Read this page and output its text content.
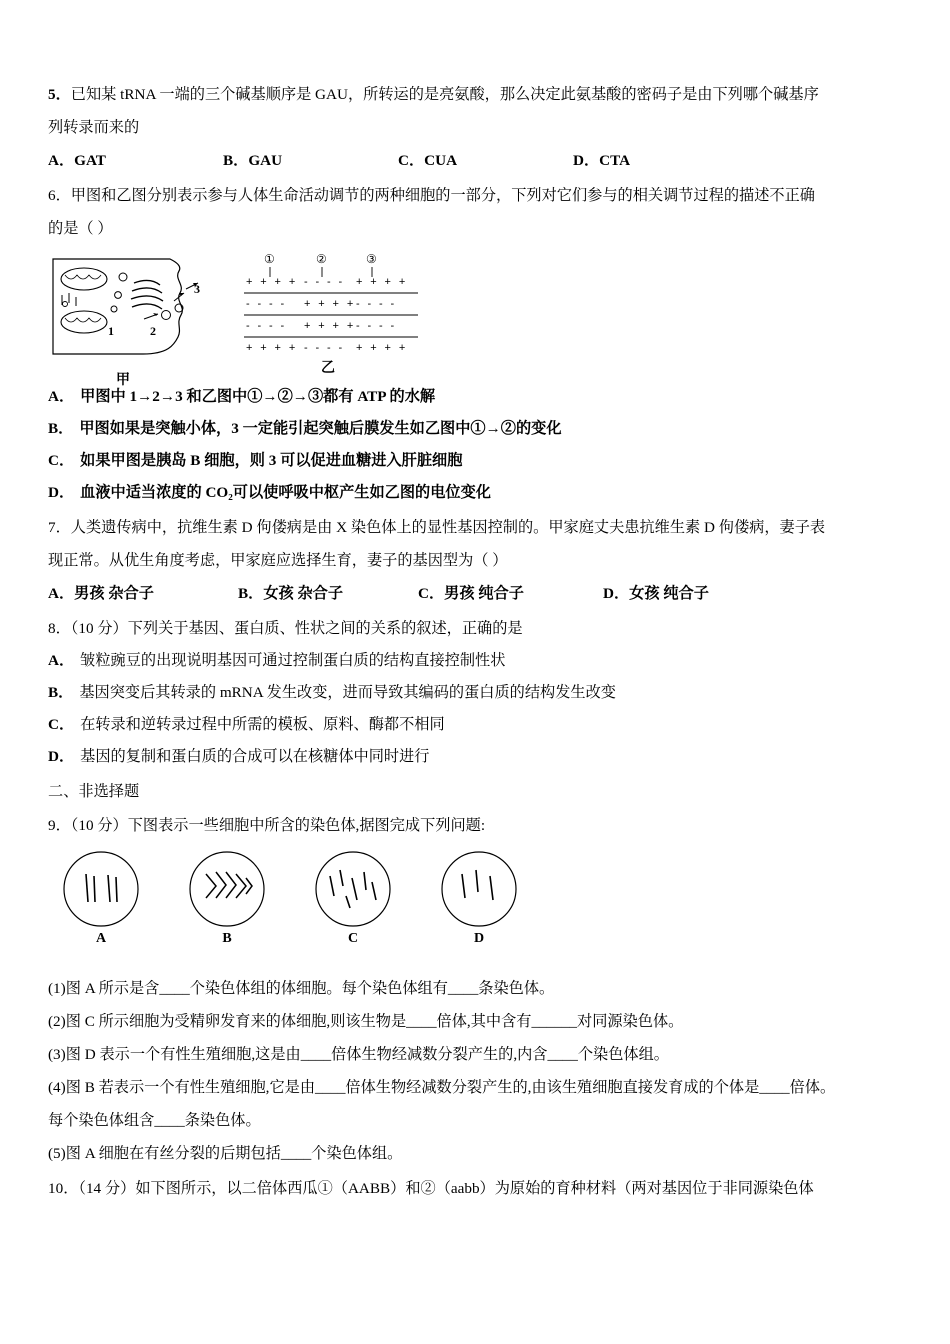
5．已知某 tRNA 一端的三个碱基顺序是 GAU，所转运的是亮氨酸，那么决定此氨基酸的密码子是由下列哪个碱基序
列转录而来的
A．GAT	B．GAU	C．CUA	D．CTA
6．甲图和乙图分别表示参与人体生命活动调节的两种细胞的一部分，下列对它们参与的相关调节过程的描述不正确
的是（ ）
1	2
3
甲
①	②	③
+ + + + - - - - + + + +
- - - - + + + + - - - -
- - - - + + + + - - - -
+ + + + - - - - + + + +
乙
A． 甲图中 1→2→3 和乙图中①→②→③都有 ATP 的水解
B． 甲图如果是突触小体，3 一定能引起突触后膜发生如乙图中①→②的变化
C． 如果甲图是胰岛 B 细胞，则 3 可以促进血糖进入肝脏细胞
D． 血液中适当浓度的 CO₂可以使呼吸中枢产生如乙图的电位变化
7．人类遗传病中，抗维生素 D 佝偻病是由 X 染色体上的显性基因控制的。甲家庭丈夫患抗维生素 D 佝偻病，妻子表
现正常。从优生角度考虑，甲家庭应选择生育，妻子的基因型为（ ）
A．男孩 杂合子	B．女孩 杂合子	C．男孩 纯合子	D．女孩 纯合子
8．（10 分）下列关于基因、蛋白质、性状之间的关系的叙述，正确的是
A． 皱粒豌豆的出现说明基因可通过控制蛋白质的结构直接控制性状
B． 基因突变后其转录的 mRNA 发生改变，进而导致其编码的蛋白质的结构发生改变
C． 在转录和逆转录过程中所需的模板、原料、酶都不相同
D． 基因的复制和蛋白质的合成可以在核糖体中同时进行
二、非选择题
9．（10 分）下图表示一些细胞中所含的染色体,据图完成下列问题:
A	B	C	D
(1)图 A 所示是含____个染色体组的体细胞。每个染色体组有____条染色体。
(2)图 C 所示细胞为受精卵发育来的体细胞,则该生物是____倍体,其中含有______对同源染色体。
(3)图 D 表示一个有性生殖细胞,这是由____倍体生物经减数分裂产生的,内含____个染色体组。
(4)图 B 若表示一个有性生殖细胞,它是由____倍体生物经减数分裂产生的,由该生殖细胞直接发育成的个体是____倍体。
每个染色体组含____条染色体。
(5)图 A 细胞在有丝分裂的后期包括____个染色体组。
10．（14 分）如下图所示，以二倍体西瓜①（AABB）和②（aabb）为原始的育种材料（两对基因位于非同源染色体
